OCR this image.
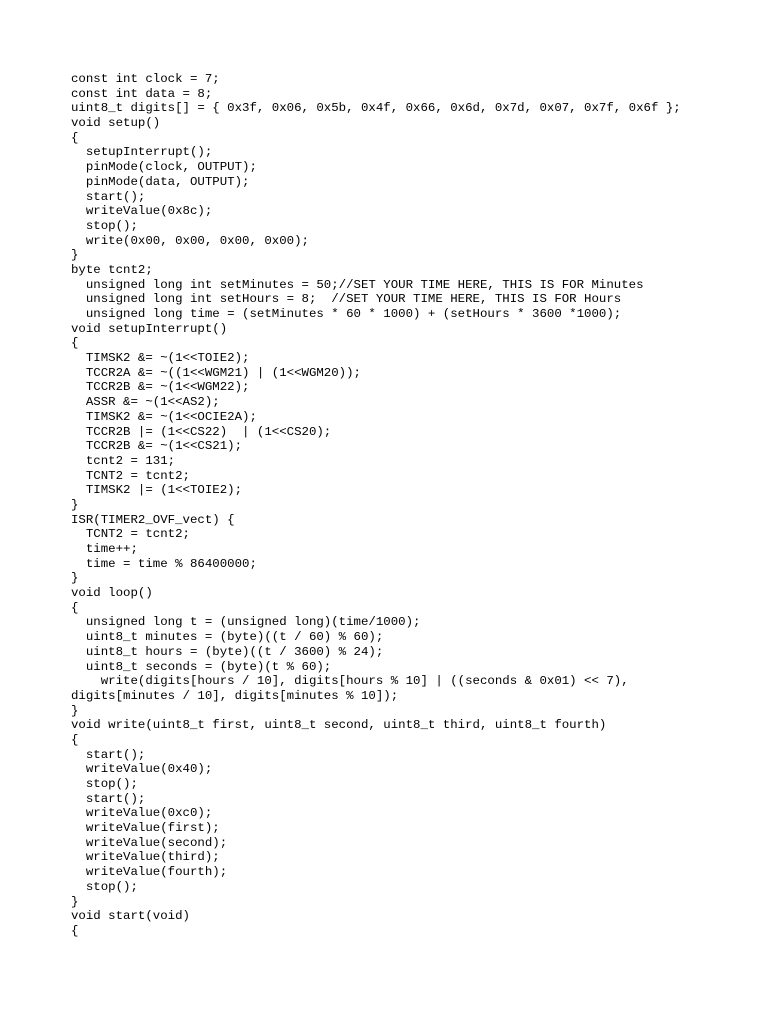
const int clock = 7;
const int data = 8;
uint8_t digits[] = { 0x3f, 0x06, 0x5b, 0x4f, 0x66, 0x6d, 0x7d, 0x07, 0x7f, 0x6f };
void setup()
{
setupInterrupt();
pinMode(clock, OUTPUT);
pinMode(data, OUTPUT);
start();
writeValue(0x8c);
stop();
write(0x00, 0x00, 0x00, 0x00);
}
byte tcnt2;
unsigned long int setMinutes = 50;//SET YOUR TIME HERE, THIS IS FOR Minutes
unsigned long int setHours = 8;  //SET YOUR TIME HERE, THIS IS FOR Hours
unsigned long time = (setMinutes * 60 * 1000) + (setHours * 3600 *1000);
void setupInterrupt()
{
TIMSK2 &= ~(1<<TOIE2);
TCCR2A &= ~((1<<WGM21) | (1<<WGM20));
TCCR2B &= ~(1<<WGM22);
ASSR &= ~(1<<AS2);
TIMSK2 &= ~(1<<OCIE2A);
TCCR2B |= (1<<CS22)  | (1<<CS20);
TCCR2B &= ~(1<<CS21);
tcnt2 = 131;
TCNT2 = tcnt2;
TIMSK2 |= (1<<TOIE2);
}
ISR(TIMER2_OVF_vect) {
TCNT2 = tcnt2;
time++;
time = time % 86400000;
}
void loop()
{
unsigned long t = (unsigned long)(time/1000);
uint8_t minutes = (byte)((t / 60) % 60);
uint8_t hours = (byte)((t / 3600) % 24);
uint8_t seconds = (byte)(t % 60);
write(digits[hours / 10], digits[hours % 10] | ((seconds & 0x01) << 7),
digits[minutes / 10], digits[minutes % 10]);
}
void write(uint8_t first, uint8_t second, uint8_t third, uint8_t fourth)
{
start();
writeValue(0x40);
stop();
start();
writeValue(0xc0);
writeValue(first);
writeValue(second);
writeValue(third);
writeValue(fourth);
stop();
}
void start(void)
{
